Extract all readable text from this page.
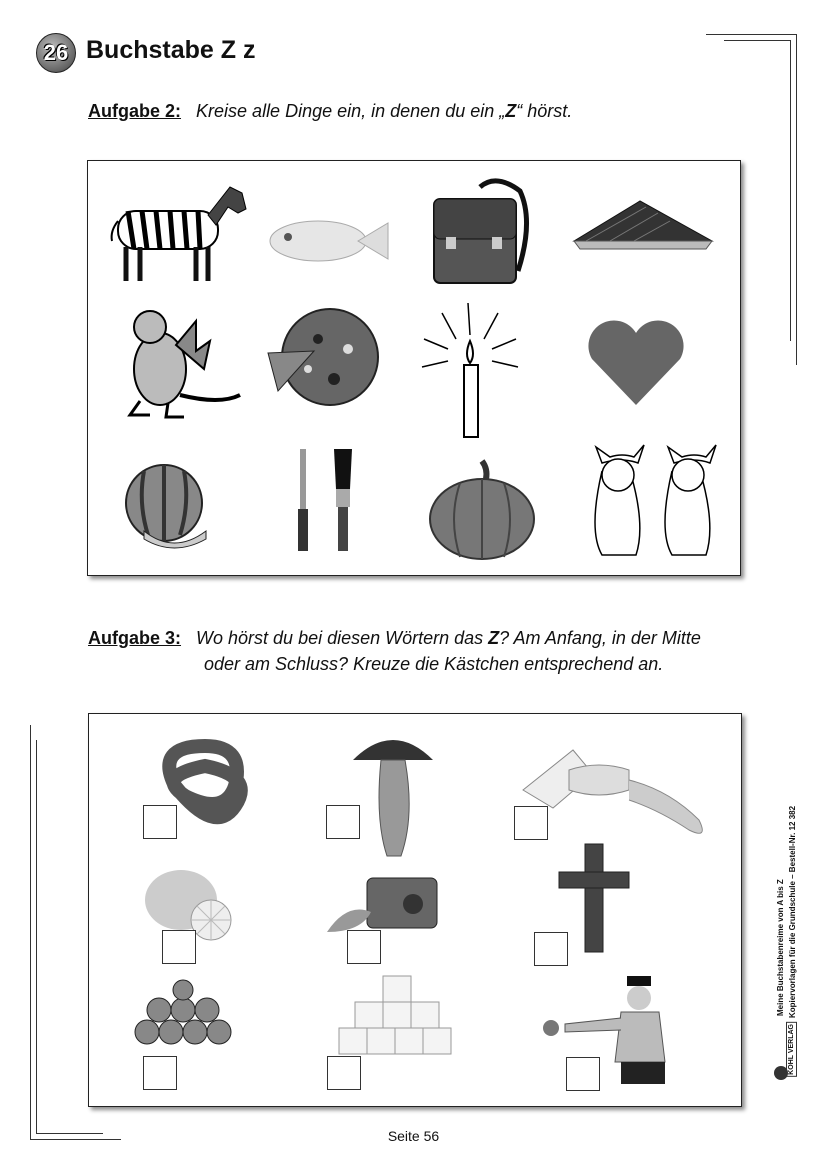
26 Buchstabe Z z
Aufgabe 2: Kreise alle Dinge ein, in denen du ein „Z“ hörst.
Aufgabe 3: Wo hörst du bei diesen Wörtern das Z? Am Anfang, in der Mitte
oder am Schluss? Kreuze die Kästchen entsprechend an.
Meine Buchstabenreime von A bis Z Kopiervorlagen für die Grundschule – Bestell-Nr. 12 382
KOHL VERLAG
Seite 56
